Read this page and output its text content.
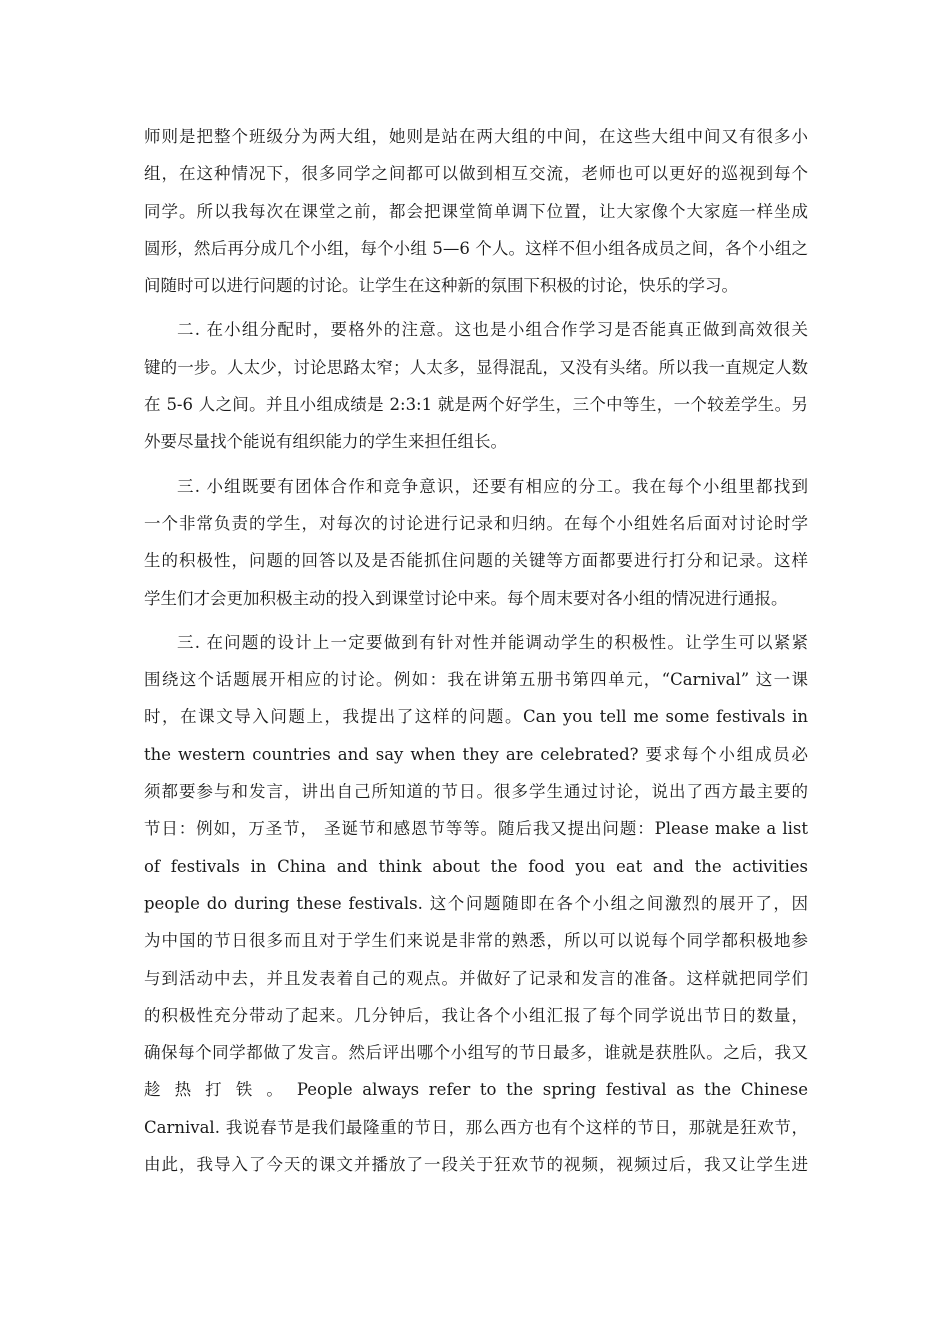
师则是把整个班级分为两大组，她则是站在两大组的中间，在这些大组中间又有很多小
组，在这种情况下，很多同学之间都可以做到相互交流，老师也可以更好的巡视到每个
同学。所以我每次在课堂之前，都会把课堂简单调下位置，让大家像个大家庭一样坐成
圆形，然后再分成几个小组，每个小组 5—6 个人。这样不但小组各成员之间，各个小组之
间随时可以进行问题的讨论。让学生在这种新的氛围下积极的讨论，快乐的学习。

二. 在小组分配时，要格外的注意。这也是小组合作学习是否能真正做到高效很关
键的一步。人太少，讨论思路太窄；人太多，显得混乱，又没有头绪。所以我一直规定人数
在 5-6 人之间。并且小组成绩是 2:3:1 就是两个好学生，三个中等生，一个较差学生。另
外要尽量找个能说有组织能力的学生来担任组长。

三. 小组既要有团体合作和竞争意识，还要有相应的分工。我在每个小组里都找到
一个非常负责的学生，对每次的讨论进行记录和归纳。在每个小组姓名后面对讨论时学
生的积极性，问题的回答以及是否能抓住问题的关键等方面都要进行打分和记录。这样
学生们才会更加积极主动的投入到课堂讨论中来。每个周末要对各小组的情况进行通报。

三. 在问题的设计上一定要做到有针对性并能调动学生的积极性。让学生可以紧紧
围绕这个话题展开相应的讨论。例如：我在讲第五册书第四单元，“Carnival” 这一课
时，在课文导入问题上，我提出了这样的问题。Can you tell me some festivals in
the western countries and say when they are celebrated? 要求每个小组成员必
须都要参与和发言，讲出自己所知道的节日。很多学生通过讨论，说出了西方最主要的
节日：例如，万圣节， 圣诞节和感恩节等等。随后我又提出问题：Please make a list
of festivals in China and think about the food you eat and the activities
people do during these festivals. 这个问题随即在各个小组之间激烈的展开了，因
为中国的节日很多而且对于学生们来说是非常的熟悉，所以可以说每个同学都积极地参
与到活动中去，并且发表着自己的观点。并做好了记录和发言的准备。这样就把同学们
的积极性充分带动了起来。几分钟后，我让各个小组汇报了每个同学说出节日的数量，
确保每个同学都做了发言。然后评出哪个小组写的节日最多，谁就是获胜队。之后，我又
趁 热 打 铁 。 People always refer to the spring festival as the Chinese
Carnival. 我说春节是我们最隆重的节日，那么西方也有个这样的节日，那就是狂欢节，
由此，我导入了今天的课文并播放了一段关于狂欢节的视频，视频过后，我又让学生进
